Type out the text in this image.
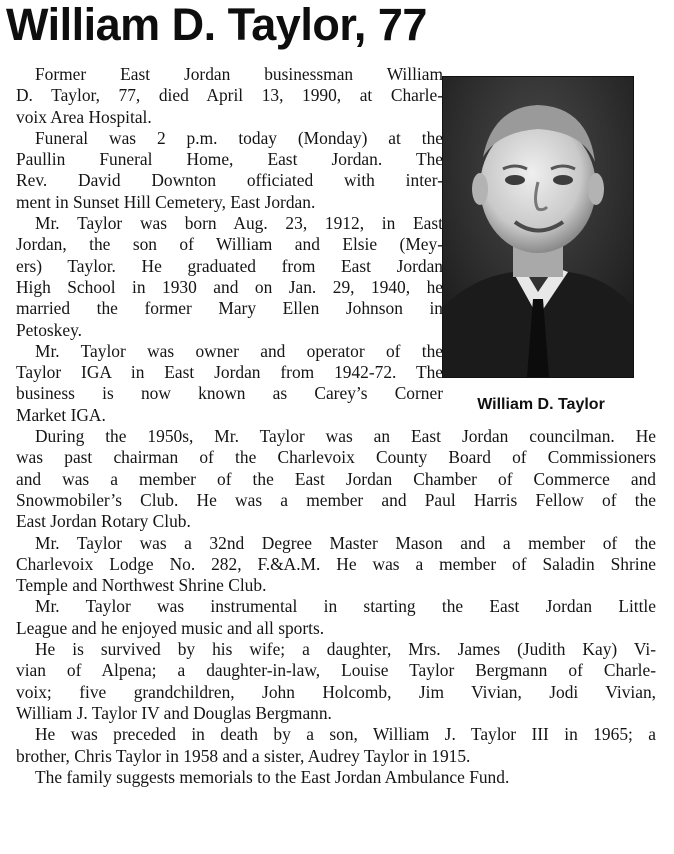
William D. Taylor, 77
William D. Taylor
Former East Jordan businessman William
D. Taylor, 77, died April 13, 1990, at Charle-
voix Area Hospital.
Funeral was 2 p.m. today (Monday) at the
Paullin Funeral Home, East Jordan. The
Rev. David Downton officiated with inter-
ment in Sunset Hill Cemetery, East Jordan.
Mr. Taylor was born Aug. 23, 1912, in East
Jordan, the son of William and Elsie (Mey-
ers) Taylor. He graduated from East Jordan
High School in 1930 and on Jan. 29, 1940, he
married the former Mary Ellen Johnson in
Petoskey.
Mr. Taylor was owner and operator of the
Taylor IGA in East Jordan from 1942-72. The
business is now known as Carey’s Corner
Market IGA.
During the 1950s, Mr. Taylor was an East Jordan councilman. He
was past chairman of the Charlevoix County Board of Commissioners
and was a member of the East Jordan Chamber of Commerce and
Snowmobiler’s Club. He was a member and Paul Harris Fellow of the
East Jordan Rotary Club.
Mr. Taylor was a 32nd Degree Master Mason and a member of the
Charlevoix Lodge No. 282, F.&A.M. He was a member of Saladin Shrine
Temple and Northwest Shrine Club.
Mr. Taylor was instrumental in starting the East Jordan Little
League and he enjoyed music and all sports.
He is survived by his wife; a daughter, Mrs. James (Judith Kay) Vi-
vian of Alpena; a daughter-in-law, Louise Taylor Bergmann of Charle-
voix; five grandchildren, John Holcomb, Jim Vivian, Jodi Vivian,
William J. Taylor IV and Douglas Bergmann.
He was preceded in death by a son, William J. Taylor III in 1965; a
brother, Chris Taylor in 1958 and a sister, Audrey Taylor in 1915.
The family suggests memorials to the East Jordan Ambulance Fund.
